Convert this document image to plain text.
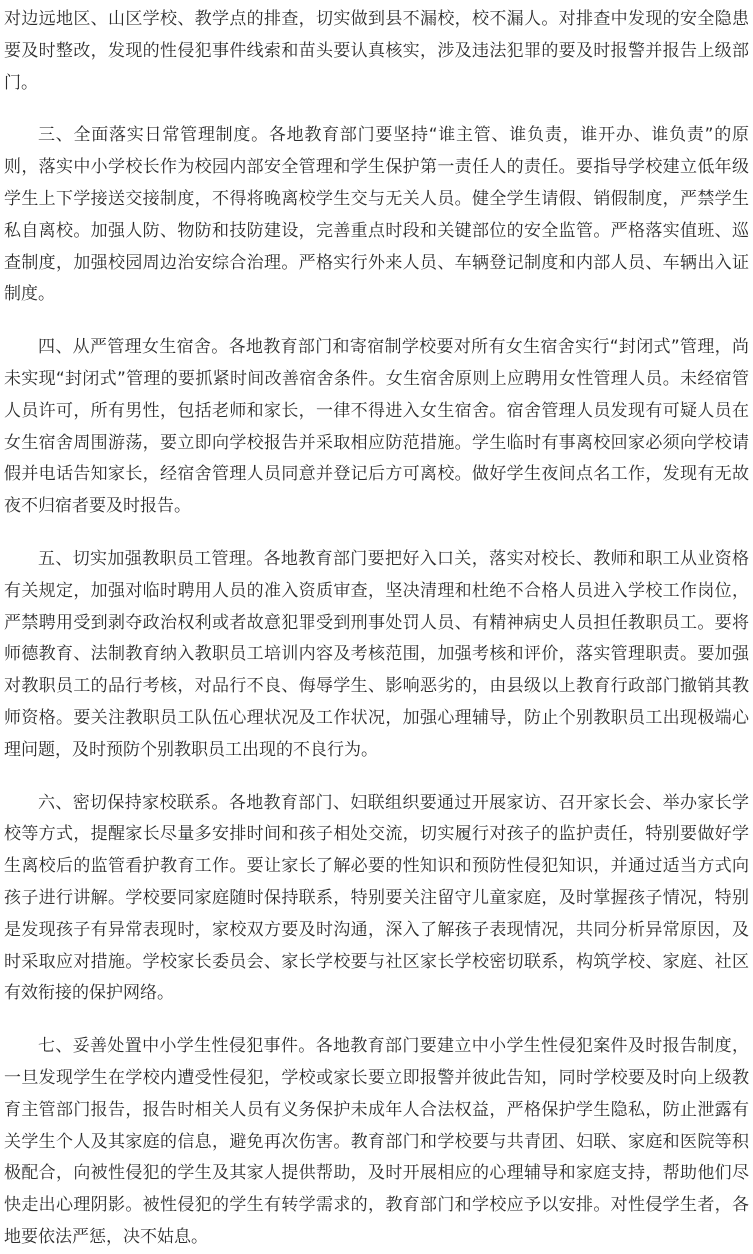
对边远地区、山区学校、教学点的排查，切实做到县不漏校，校不漏人。对排查中发现的安全隐患要及时整改，发现的性侵犯事件线索和苗头要认真核实，涉及违法犯罪的要及时报警并报告上级部门。

三、全面落实日常管理制度。各地教育部门要坚持“谁主管、谁负责，谁开办、谁负责”的原则，落实中小学校长作为校园内部安全管理和学生保护第一责任人的责任。要指导学校建立低年级学生上下学接送交接制度，不得将晚离校学生交与无关人员。健全学生请假、销假制度，严禁学生私自离校。加强人防、物防和技防建设，完善重点时段和关键部位的安全监管。严格落实值班、巡查制度，加强校园周边治安综合治理。严格实行外来人员、车辆登记制度和内部人员、车辆出入证制度。

四、从严管理女生宿舍。各地教育部门和寄宿制学校要对所有女生宿舍实行“封闭式”管理，尚未实现“封闭式”管理的要抓紧时间改善宿舍条件。女生宿舍原则上应聘用女性管理人员。未经宿管人员许可，所有男性，包括老师和家长，一律不得进入女生宿舍。宿舍管理人员发现有可疑人员在女生宿舍周围游荡，要立即向学校报告并采取相应防范措施。学生临时有事离校回家必须向学校请假并电话告知家长，经宿舍管理人员同意并登记后方可离校。做好学生夜间点名工作，发现有无故夜不归宿者要及时报告。

五、切实加强教职员工管理。各地教育部门要把好入口关，落实对校长、教师和职工从业资格有关规定，加强对临时聘用人员的准入资质审查，坚决清理和杜绝不合格人员进入学校工作岗位，严禁聘用受到剥夺政治权利或者故意犯罪受到刑事处罚人员、有精神病史人员担任教职员工。要将师德教育、法制教育纳入教职员工培训内容及考核范围，加强考核和评价，落实管理职责。要加强对教职员工的品行考核，对品行不良、侮辱学生、影响恶劣的，由县级以上教育行政部门撤销其教师资格。要关注教职员工队伍心理状况及工作状况，加强心理辅导，防止个别教职员工出现极端心理问题，及时预防个别教职员工出现的不良行为。

六、密切保持家校联系。各地教育部门、妇联组织要通过开展家访、召开家长会、举办家长学校等方式，提醒家长尽量多安排时间和孩子相处交流，切实履行对孩子的监护责任，特别要做好学生离校后的监管看护教育工作。要让家长了解必要的性知识和预防性侵犯知识，并通过适当方式向孩子进行讲解。学校要同家庭随时保持联系，特别要关注留守儿童家庭，及时掌握孩子情况，特别是发现孩子有异常表现时，家校双方要及时沟通，深入了解孩子表现情况，共同分析异常原因，及时采取应对措施。学校家长委员会、家长学校要与社区家长学校密切联系，构筑学校、家庭、社区有效衔接的保护网络。

七、妥善处置中小学生性侵犯事件。各地教育部门要建立中小学生性侵犯案件及时报告制度，一旦发现学生在学校内遭受性侵犯，学校或家长要立即报警并彼此告知，同时学校要及时向上级教育主管部门报告，报告时相关人员有义务保护未成年人合法权益，严格保护学生隐私，防止泄露有关学生个人及其家庭的信息，避免再次伤害。教育部门和学校要与共青团、妇联、家庭和医院等积极配合，向被性侵犯的学生及其家人提供帮助，及时开展相应的心理辅导和家庭支持，帮助他们尽快走出心理阴影。被性侵犯的学生有转学需求的，教育部门和学校应予以安排。对性侵学生者，各地要依法严惩，决不姑息。
